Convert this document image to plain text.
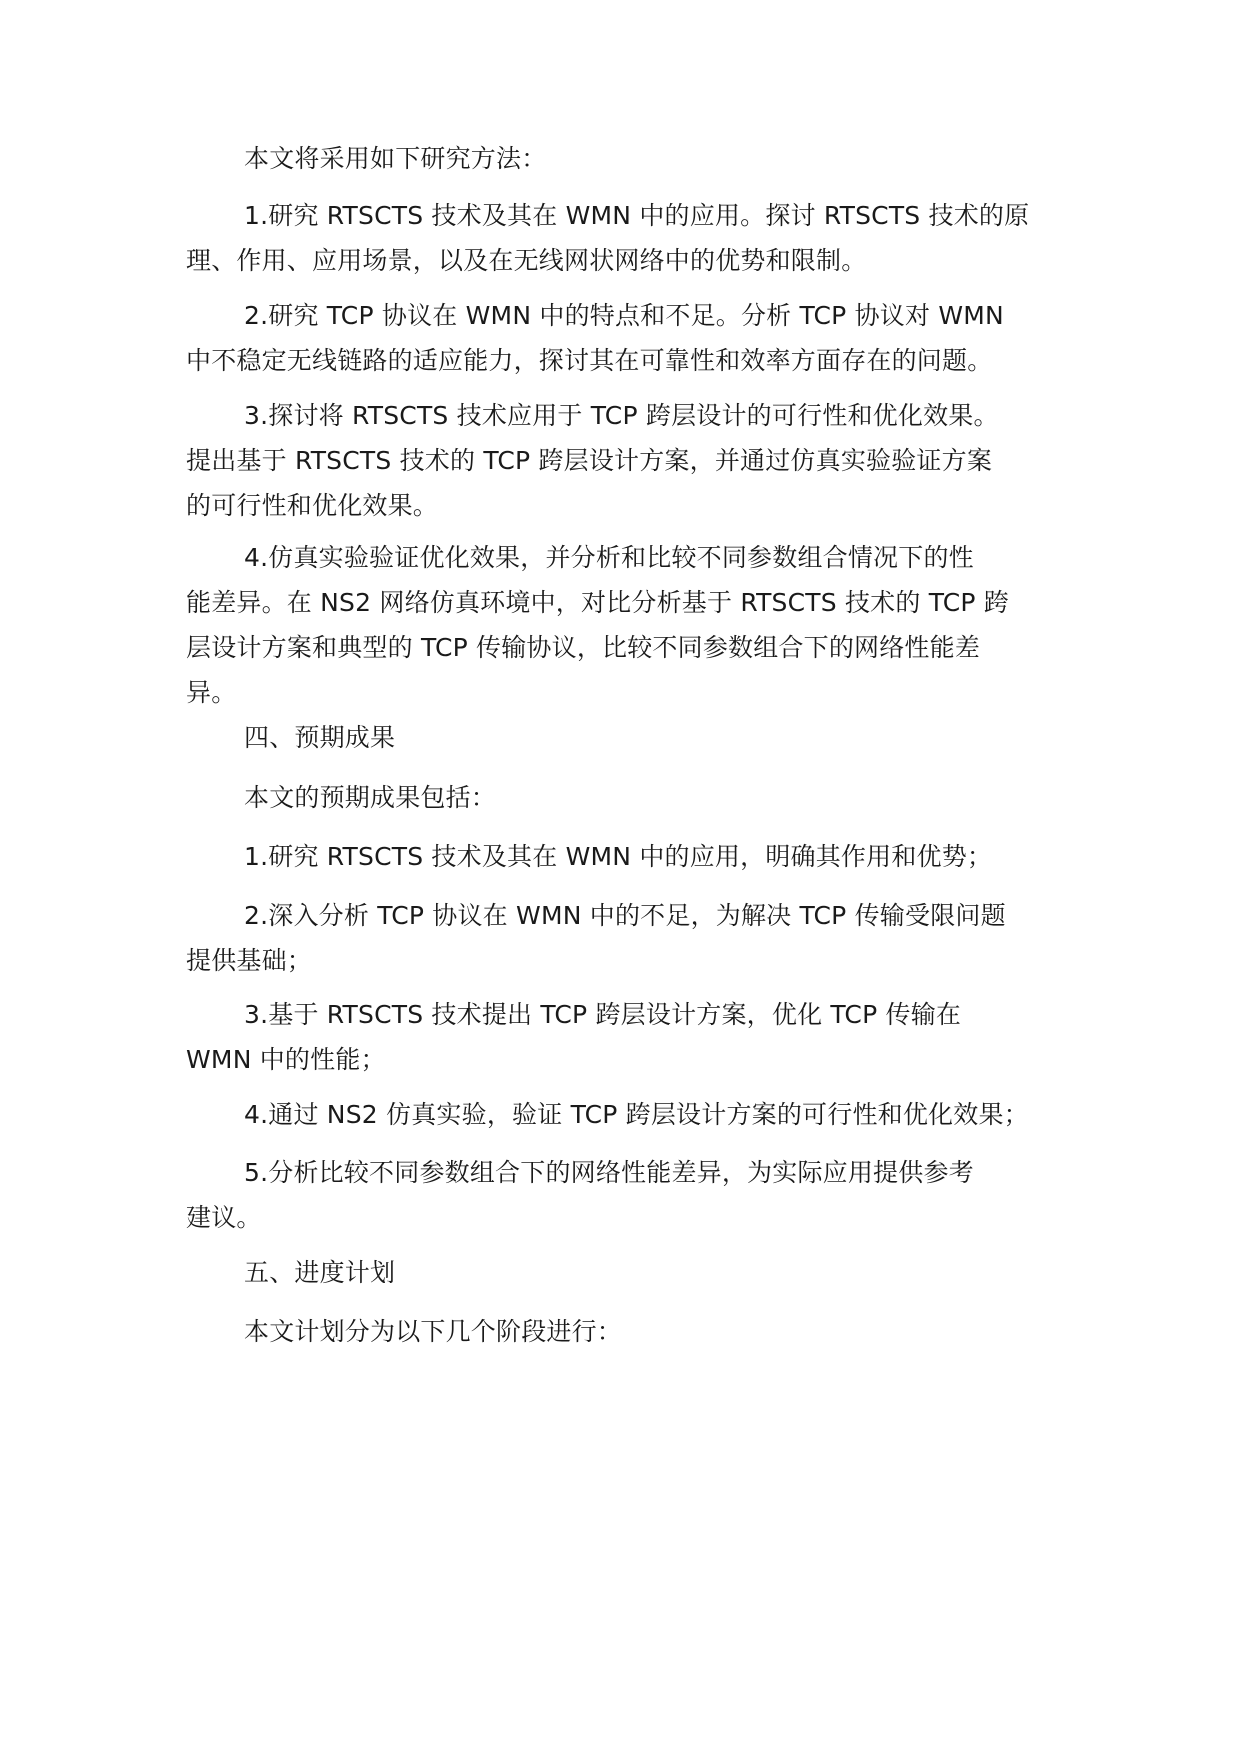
本文将采用如下研究方法：

1.研究 RTSCTS 技术及其在 WMN 中的应用。探讨 RTSCTS 技术的原
理、作用、应用场景，以及在无线网状网络中的优势和限制。

2.研究 TCP 协议在 WMN 中的特点和不足。分析 TCP 协议对 WMN
中不稳定无线链路的适应能力，探讨其在可靠性和效率方面存在的问题。

3.探讨将 RTSCTS 技术应用于 TCP 跨层设计的可行性和优化效果。
提出基于 RTSCTS 技术的 TCP 跨层设计方案，并通过仿真实验验证方案
的可行性和优化效果。

4.仿真实验验证优化效果，并分析和比较不同参数组合情况下的性
能差异。在 NS2 网络仿真环境中，对比分析基于 RTSCTS 技术的 TCP 跨
层设计方案和典型的 TCP 传输协议，比较不同参数组合下的网络性能差
异。

四、预期成果

本文的预期成果包括：

1.研究 RTSCTS 技术及其在 WMN 中的应用，明确其作用和优势；

2.深入分析 TCP 协议在 WMN 中的不足，为解决 TCP 传输受限问题
提供基础；

3.基于 RTSCTS 技术提出 TCP 跨层设计方案，优化 TCP 传输在
WMN 中的性能；

4.通过 NS2 仿真实验，验证 TCP 跨层设计方案的可行性和优化效果；

5.分析比较不同参数组合下的网络性能差异，为实际应用提供参考
建议。

五、进度计划

本文计划分为以下几个阶段进行：
